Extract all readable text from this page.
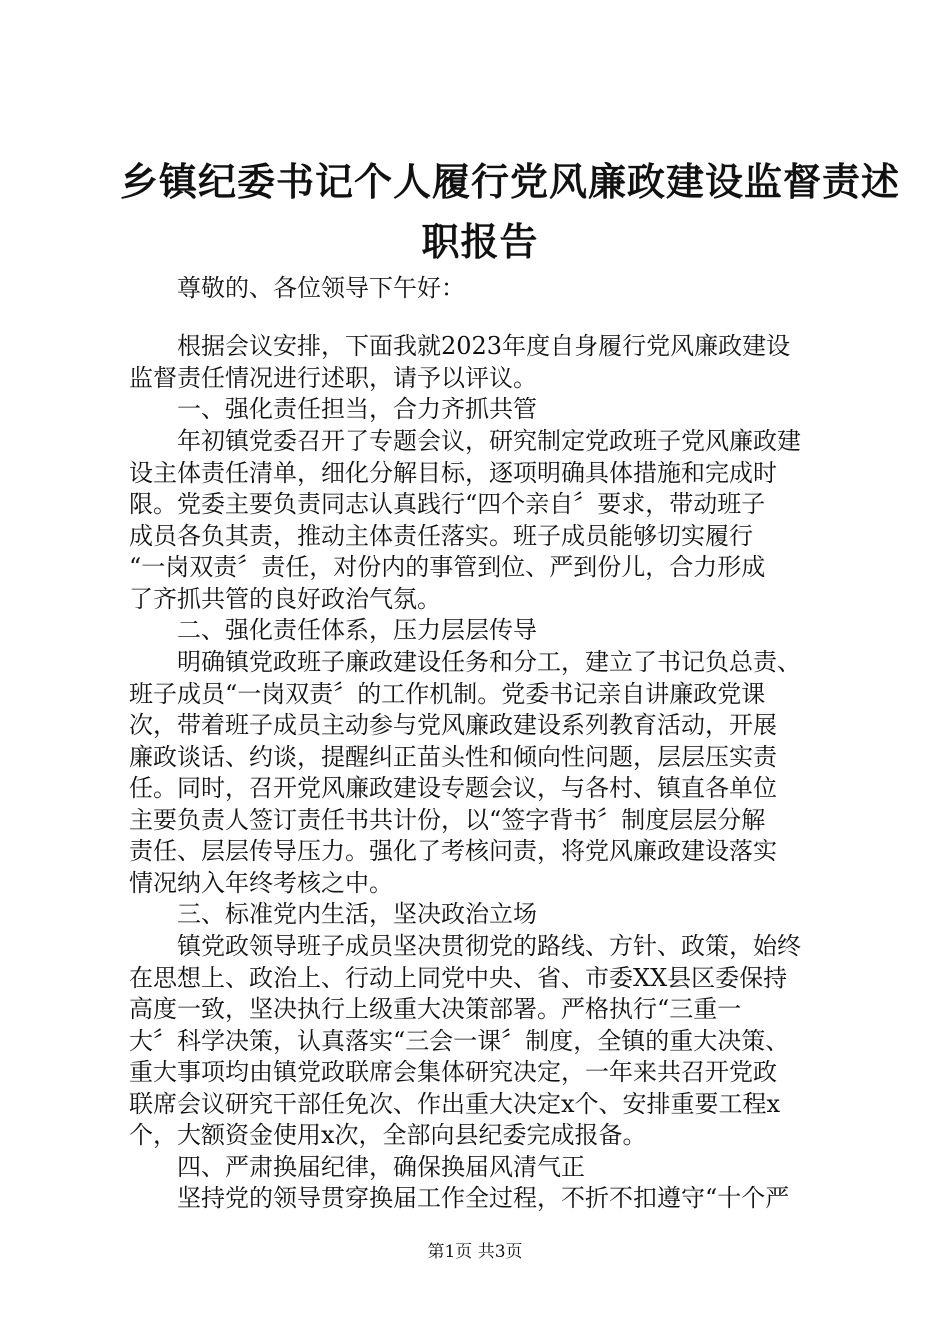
乡镇纪委书记个人履行党风廉政建设监督责述
职报告
尊敬的、各位领导下午好：
根据会议安排，下面我就2023年度自身履行党风廉政建设
监督责任情况进行述职，请予以评议。
一、强化责任担当，合力齐抓共管
年初镇党委召开了专题会议，研究制定党政班子党风廉政建
设主体责任清单，细化分解目标，逐项明确具体措施和完成时
限。党委主要负责同志认真践行“四个亲自〞要求，带动班子
成员各负其责，推动主体责任落实。班子成员能够切实履行
“一岗双责〞责任，对份内的事管到位、严到份儿，合力形成
了齐抓共管的良好政治气氛。
二、强化责任体系，压力层层传导
明确镇党政班子廉政建设任务和分工，建立了书记负总责、
班子成员“一岗双责〞的工作机制。党委书记亲自讲廉政党课
次，带着班子成员主动参与党风廉政建设系列教育活动，开展
廉政谈话、约谈，提醒纠正苗头性和倾向性问题，层层压实责
任。同时，召开党风廉政建设专题会议，与各村、镇直各单位
主要负责人签订责任书共计份，以“签字背书〞制度层层分解
责任、层层传导压力。强化了考核问责，将党风廉政建设落实
情况纳入年终考核之中。
三、标准党内生活，坚决政治立场
镇党政领导班子成员坚决贯彻党的路线、方针、政策，始终
在思想上、政治上、行动上同党中央、省、市委XX县区委保持
高度一致，坚决执行上级重大决策部署。严格执行“三重一
大〞科学决策，认真落实“三会一课〞制度，全镇的重大决策、
重大事项均由镇党政联席会集体研究决定，一年来共召开党政
联席会议研究干部任免次、作出重大决定x个、安排重要工程x
个，大额资金使用x次，全部向县纪委完成报备。
四、严肃换届纪律，确保换届风清气正
坚持党的领导贯穿换届工作全过程，不折不扣遵守“十个严
第1页 共3页
